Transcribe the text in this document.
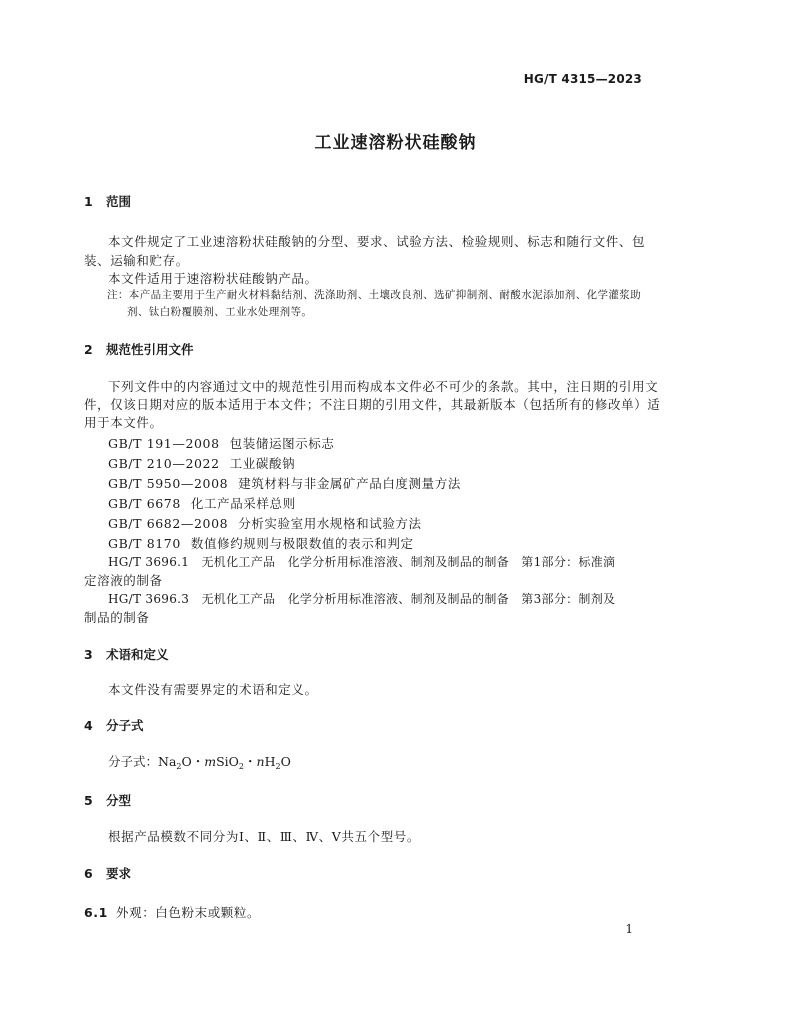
HG/T 4315—2023
工业速溶粉状硅酸钠
1 范围
本文件规定了工业速溶粉状硅酸钠的分型、要求、试验方法、检验规则、标志和随行文件、包
装、运输和贮存。
本文件适用于速溶粉状硅酸钠产品。
注：本产品主要用于生产耐火材料黏结剂、洗涤助剂、土壤改良剂、选矿抑制剂、耐酸水泥添加剂、化学灌浆助
剂、钛白粉覆膜剂、工业水处理剂等。
2 规范性引用文件
下列文件中的内容通过文中的规范性引用而构成本文件必不可少的条款。其中，注日期的引用文
件，仅该日期对应的版本适用于本文件；不注日期的引用文件，其最新版本（包括所有的修改单）适
用于本文件。
GB/T 191—2008 包装储运图示标志
GB/T 210—2022 工业碳酸钠
GB/T 5950—2008 建筑材料与非金属矿产品白度测量方法
GB/T 6678 化工产品采样总则
GB/T 6682—2008 分析实验室用水规格和试验方法
GB/T 8170 数值修约规则与极限数值的表示和判定
HG/T 3696.1　无机化工产品　化学分析用标准溶液、制剂及制品的制备　第1部分：标准滴
定溶液的制备
HG/T 3696.3　无机化工产品　化学分析用标准溶液、制剂及制品的制备　第3部分：制剂及
制品的制备
3 术语和定义
本文件没有需要界定的术语和定义。
4 分子式
分子式：$Na_2O$・mSiO$_2$・$nH_2O$
5 分型
根据产品模数不同分为Ⅰ、Ⅱ、Ⅲ、Ⅳ、Ⅴ共五个型号。
6 要求
6.1 外观：白色粉末或颗粒。
1
